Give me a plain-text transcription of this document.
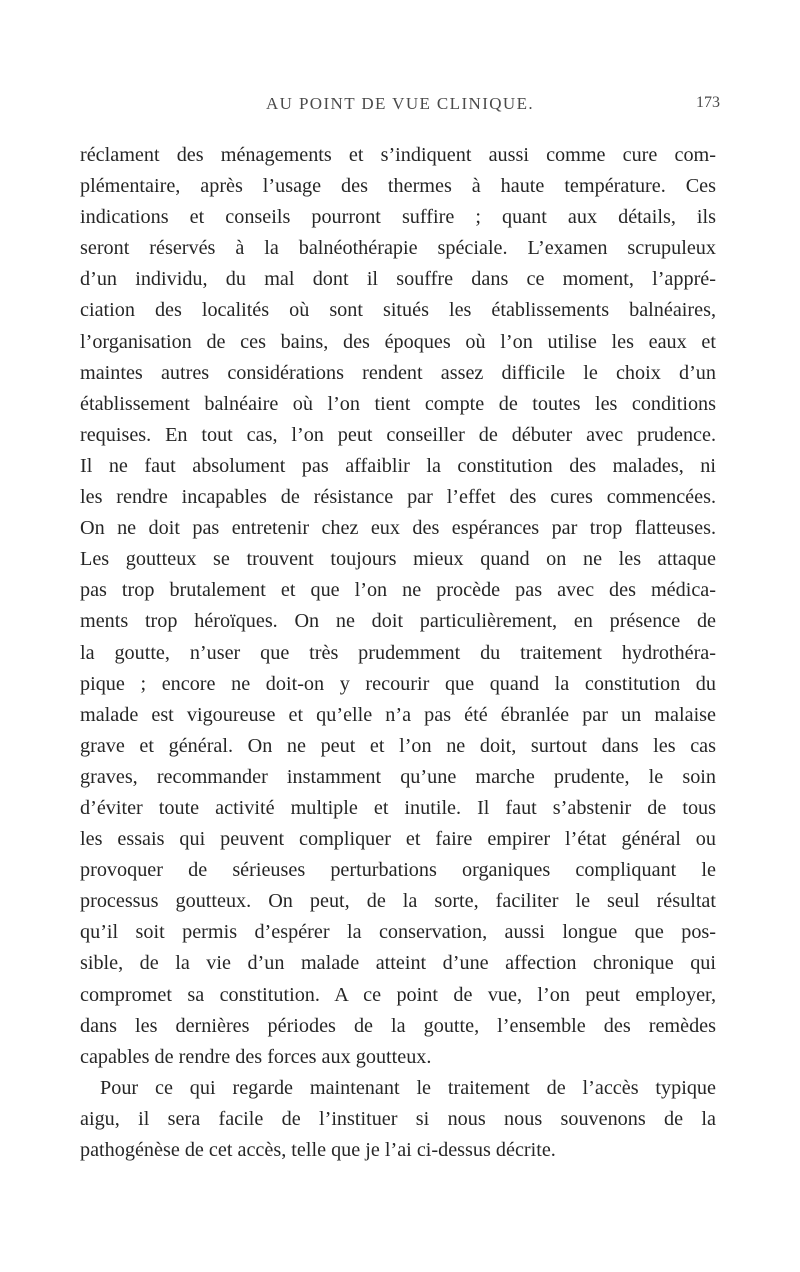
AU POINT DE VUE CLINIQUE.	173
réclament des ménagements et s’indiquent aussi comme cure com-
plémentaire, après l’usage des thermes à haute température. Ces
indications et conseils pourront suffire ; quant aux détails, ils
seront réservés à la balnéothérapie spéciale. L’examen scrupuleux
d’un individu, du mal dont il souffre dans ce moment, l’appré-
ciation des localités où sont situés les établissements balnéaires,
l’organisation de ces bains, des époques où l’on utilise les eaux et
maintes autres considérations rendent assez difficile le choix d’un
établissement balnéaire où l’on tient compte de toutes les conditions
requises. En tout cas, l’on peut conseiller de débuter avec prudence.
Il ne faut absolument pas affaiblir la constitution des malades, ni
les rendre incapables de résistance par l’effet des cures commencées.
On ne doit pas entretenir chez eux des espérances par trop flatteuses.
Les goutteux se trouvent toujours mieux quand on ne les attaque
pas trop brutalement et que l’on ne procède pas avec des médica-
ments trop héroïques. On ne doit particulièrement, en présence de
la goutte, n’user que très prudemment du traitement hydrothéra-
pique ; encore ne doit-on y recourir que quand la constitution du
malade est vigoureuse et qu’elle n’a pas été ébranlée par un malaise
grave et général. On ne peut et l’on ne doit, surtout dans les cas
graves, recommander instamment qu’une marche prudente, le soin
d’éviter toute activité multiple et inutile. Il faut s’abstenir de tous
les essais qui peuvent compliquer et faire empirer l’état général ou
provoquer de sérieuses perturbations organiques compliquant le
processus goutteux. On peut, de la sorte, faciliter le seul résultat
qu’il soit permis d’espérer la conservation, aussi longue que pos-
sible, de la vie d’un malade atteint d’une affection chronique qui
compromet sa constitution. A ce point de vue, l’on peut employer,
dans les dernières périodes de la goutte, l’ensemble des remèdes
capables de rendre des forces aux goutteux.
Pour ce qui regarde maintenant le traitement de l’accès typique
aigu, il sera facile de l’instituer si nous nous souvenons de la
pathogénèse de cet accès, telle que je l’ai ci-dessus décrite.
